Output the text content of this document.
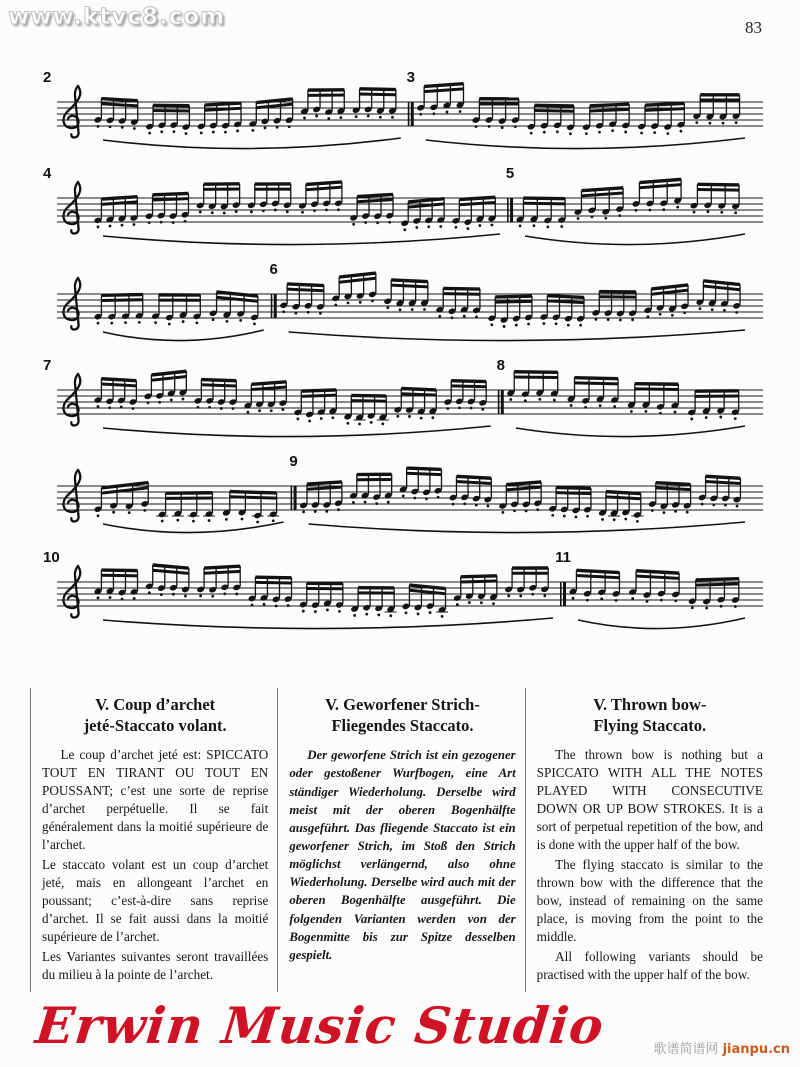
www.ktvc8.com	83
2	3
4	5
6
7	8
9
10	11
V. Coup d’archet
jeté-Staccato volant.

Le coup d’archet jeté est: SPICCATO TOUT EN TIRANT OU TOUT EN POUSSANT; c’est une sorte de reprise d’archet perpétuelle. Il se fait généralement dans la moitié supérieure de l’archet.

Le staccato volant est un coup d’archet jeté, mais en allongeant l’archet en poussant; c’est-à-dire sans reprise d’archet. Il se fait aussi dans la moitié supérieure de l’archet.

Les Variantes suivantes seront travaillées du milieu à la pointe de l’archet.

V. Geworfener Strich-
Fliegendes Staccato.

Der geworfene Strich ist ein gezogener oder gestoßener Wurfbogen, eine Art ständiger Wiederholung. Derselbe wird meist mit der oberen Bogenhälfte ausgeführt. Das fliegende Staccato ist ein geworfener Strich, im Stoß den Strich möglichst verlängernd, also ohne Wiederholung. Derselbe wird auch mit der oberen Bogenhälfte ausgeführt. Die folgenden Varianten werden von der Bogenmitte bis zur Spitze desselben gespielt.

V. Thrown bow-
Flying Staccato.

The thrown bow is nothing but a SPICCATO WITH ALL THE NOTES PLAYED WITH CONSECUTIVE DOWN OR UP BOW STROKES. It is a sort of perpetual repetition of the bow, and is done with the upper half of the bow.

The flying staccato is similar to the thrown bow with the difference that the bow, instead of remaining on the same place, is moving from the point to the middle.

All following variants should be practised with the upper half of the bow.

Erwin Music Studio	歌谱简谱网 jianpu.cn
